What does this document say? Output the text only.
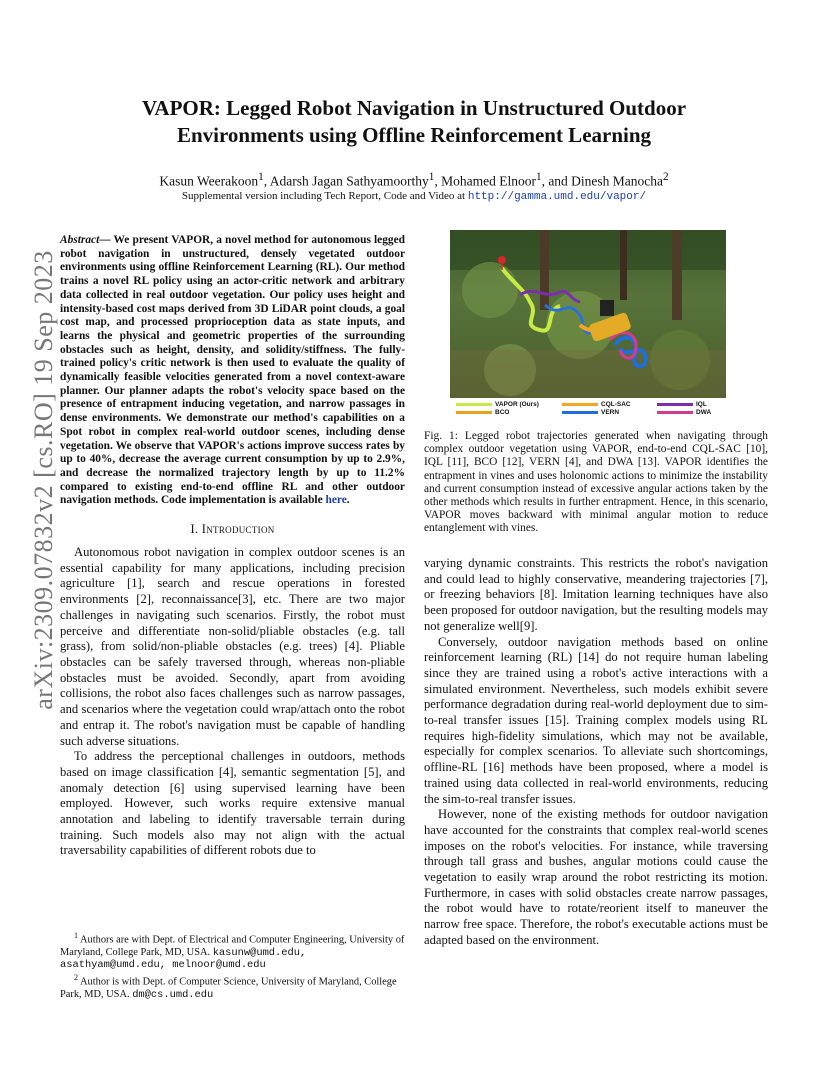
arXiv:2309.07832v2 [cs.RO] 19 Sep 2023
VAPOR: Legged Robot Navigation in Unstructured Outdoor
Environments using Offline Reinforcement Learning
Kasun Weerakoon$^1$, Adarsh Jagan Sathyamoorthy$^1$, Mohamed Elnoor$^1$, and Dinesh Manocha$^2$
Supplemental version including Tech Report, Code and Video at http://gamma.umd.edu/vapor/

Abstract— We present VAPOR, a novel method for autonomous legged robot navigation in unstructured, densely vegetated outdoor environments using offline Reinforcement Learning (RL). Our method trains a novel RL policy using an actor-critic network and arbitrary data collected in real outdoor vegetation. Our policy uses height and intensity-based cost maps derived from 3D LiDAR point clouds, a goal cost map, and processed proprioception data as state inputs, and learns the physical and geometric properties of the surrounding obstacles such as height, density, and solidity/stiffness. The fully-trained policy's critic network is then used to evaluate the quality of dynamically feasible velocities generated from a novel context-aware planner. Our planner adapts the robot's velocity space based on the presence of entrapment inducing vegetation, and narrow passages in dense environments. We demonstrate our method's capabilities on a Spot robot in complex real-world outdoor scenes, including dense vegetation. We observe that VAPOR's actions improve success rates by up to 40%, decrease the average current consumption by up to 2.9%, and decrease the normalized trajectory length by up to 11.2% compared to existing end-to-end offline RL and other outdoor navigation methods. Code implementation is available here.

I. Introduction

Autonomous robot navigation in complex outdoor scenes is an essential capability for many applications, including precision agriculture [1], search and rescue operations in forested environments [2], reconnaissance[3], etc. There are two major challenges in navigating such scenarios. Firstly, the robot must perceive and differentiate non-solid/pliable obstacles (e.g. tall grass), from solid/non-pliable obstacles (e.g. trees) [4]. Pliable obstacles can be safely traversed through, whereas non-pliable obstacles must be avoided. Secondly, apart from avoiding collisions, the robot also faces challenges such as narrow passages, and scenarios where the vegetation could wrap/attach onto the robot and entrap it. The robot's navigation must be capable of handling such adverse situations.

To address the perceptional challenges in outdoors, methods based on image classification [4], semantic segmentation [5], and anomaly detection [6] using supervised learning have been employed. However, such works require extensive manual annotation and labeling to identify traversable terrain during training. Such models also may not align with the actual traversability capabilities of different robots due to

$^1$ Authors are with Dept. of Electrical and Computer Engineering, University of Maryland, College Park, MD, USA. kasunw@umd.edu, asathyam@umd.edu, melnoor@umd.edu

$^2$ Author is with Dept. of Computer Science, University of Maryland, College Park, MD, USA. dm@cs.umd.edu

VAPOR (Ours)
BCO
CQL-SAC
VERN
IQL
DWA
Fig. 1: Legged robot trajectories generated when navigating through complex outdoor vegetation using VAPOR, end-to-end CQL-SAC [10], IQL [11], BCO [12], VERN [4], and DWA [13]. VAPOR identifies the entrapment in vines and uses holonomic actions to minimize the instability and current consumption instead of excessive angular actions taken by the other methods which results in further entrapment. Hence, in this scenario, VAPOR moves backward with minimal angular motion to reduce entanglement with vines.

varying dynamic constraints. This restricts the robot's navigation and could lead to highly conservative, meandering trajectories [7], or freezing behaviors [8]. Imitation learning techniques have also been proposed for outdoor navigation, but the resulting models may not generalize well[9].

Conversely, outdoor navigation methods based on online reinforcement learning (RL) [14] do not require human labeling since they are trained using a robot's active interactions with a simulated environment. Nevertheless, such models exhibit severe performance degradation during real-world deployment due to sim-to-real transfer issues [15]. Training complex models using RL requires high-fidelity simulations, which may not be available, especially for complex scenarios. To alleviate such shortcomings, offline-RL [16] methods have been proposed, where a model is trained using data collected in real-world environments, reducing the sim-to-real transfer issues.

However, none of the existing methods for outdoor navigation have accounted for the constraints that complex real-world scenes imposes on the robot's velocities. For instance, while traversing through tall grass and bushes, angular motions could cause the vegetation to easily wrap around the robot restricting its motion. Furthermore, in cases with solid obstacles create narrow passages, the robot would have to rotate/reorient itself to maneuver the narrow free space. Therefore, the robot's executable actions must be adapted based on the environment.
